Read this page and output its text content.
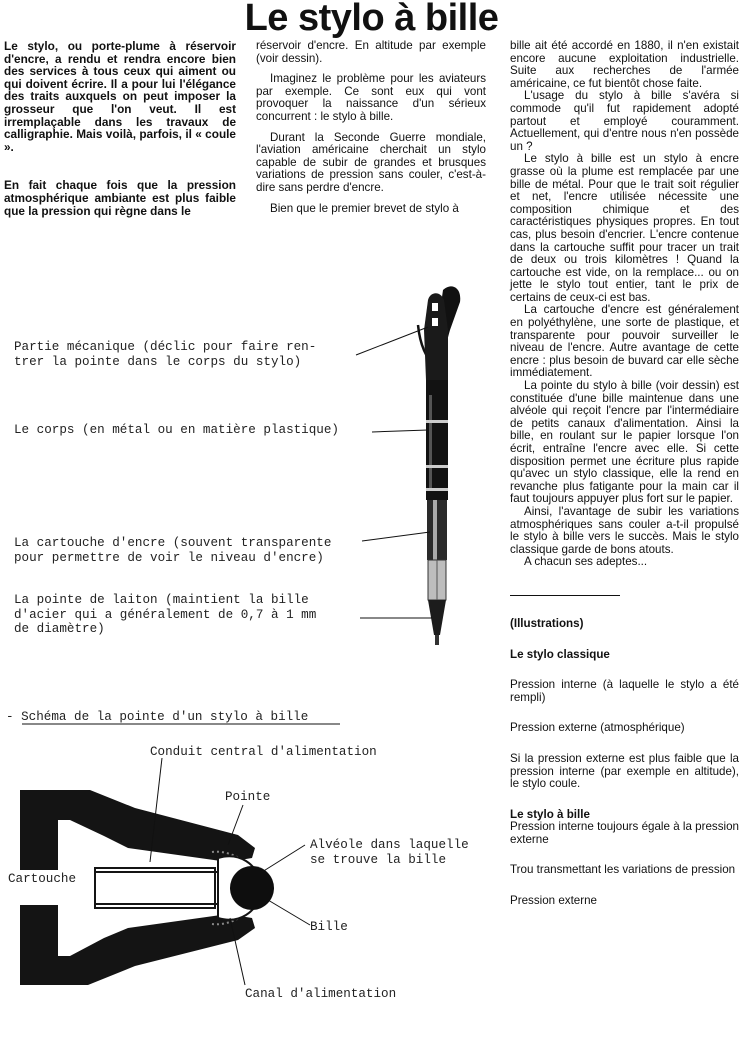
Le stylo à bille

Le stylo, ou porte-plume à réservoir d'encre, a rendu et rendra encore bien des services à tous ceux qui aiment ou qui doivent écrire. Il a pour lui l'élégance des traits auxquels on peut imposer la grosseur que l'on veut. Il est irremplaçable dans les travaux de calligraphie. Mais voilà, parfois, il « coule ».

En fait chaque fois que la pression atmosphérique ambiante est plus faible que la pression qui règne dans le

réservoir d'encre. En altitude par exemple (voir dessin).

Imaginez le problème pour les aviateurs par exemple. Ce sont eux qui vont provoquer la naissance d'un sérieux concurrent : le stylo à bille.

Durant la Seconde Guerre mondiale, l'aviation américaine cherchait un stylo capable de subir de grandes et brusques variations de pression sans couler, c'est-à-dire sans perdre d'encre.

Bien que le premier brevet de stylo à

bille ait été accordé en 1880, il n'en existait encore aucune exploitation industrielle. Suite aux recherches de l'armée américaine, ce fut bientôt chose faite.

L'usage du stylo à bille s'avéra si commode qu'il fut rapidement adopté partout et employé couramment. Actuellement, qui d'entre nous n'en possède un ?

Le stylo à bille est un stylo à encre grasse où la plume est remplacée par une bille de métal. Pour que le trait soit régulier et net, l'encre utilisée nécessite une composition chimique et des caractéristiques physiques propres. En tout cas, plus besoin d'encrier. L'encre contenue dans la cartouche suffit pour tracer un trait de deux ou trois kilomètres ! Quand la cartouche est vide, on la remplace... ou on jette le stylo tout entier, tant le prix de certains de ceux-ci est bas.

La cartouche d'encre est généralement en polyéthylène, une sorte de plastique, et transparente pour pouvoir surveiller le niveau de l'encre. Autre avantage de cette encre : plus besoin de buvard car elle sèche immédiatement.

La pointe du stylo à bille (voir dessin) est constituée d'une bille maintenue dans une alvéole qui reçoit l'encre par l'intermédiaire de petits canaux d'alimentation. Ainsi la bille, en roulant sur le papier lorsque l'on écrit, entraîne l'encre avec elle. Si cette disposition permet une écriture plus rapide qu'avec un stylo classique, elle la rend en revanche plus fatigante pour la main car il faut toujours appuyer plus fort sur le papier.

Ainsi, l'avantage de subir les variations atmosphériques sans couler a-t-il propulsé le stylo à bille vers le succès. Mais le stylo classique garde de bons atouts.

A chacun ses adeptes...

(Illustrations)

Le stylo classique

Pression interne (à laquelle le stylo a été rempli)

Pression externe (atmosphérique)

Si la pression externe est plus faible que la pression interne (par exemple en altitude), le stylo coule.

Le stylo à bille

Pression interne toujours égale à la pression externe

Trou transmettant les variations de pression

Pression externe

Partie mécanique (déclic pour faire ren-
trer la pointe dans le corps du stylo)
Le corps (en métal ou en matière plastique)
La cartouche d'encre (souvent transparente
pour permettre de voir le niveau d'encre)
La pointe de laiton (maintient la bille
d'acier qui a généralement de 0,7 à 1 mm
de diamètre)
- Schéma de la pointe d'un stylo à bille
Conduit central d'alimentation
Pointe
Alvéole dans laquelle
se trouve la bille
Cartouche
Bille
Canal d'alimentation
